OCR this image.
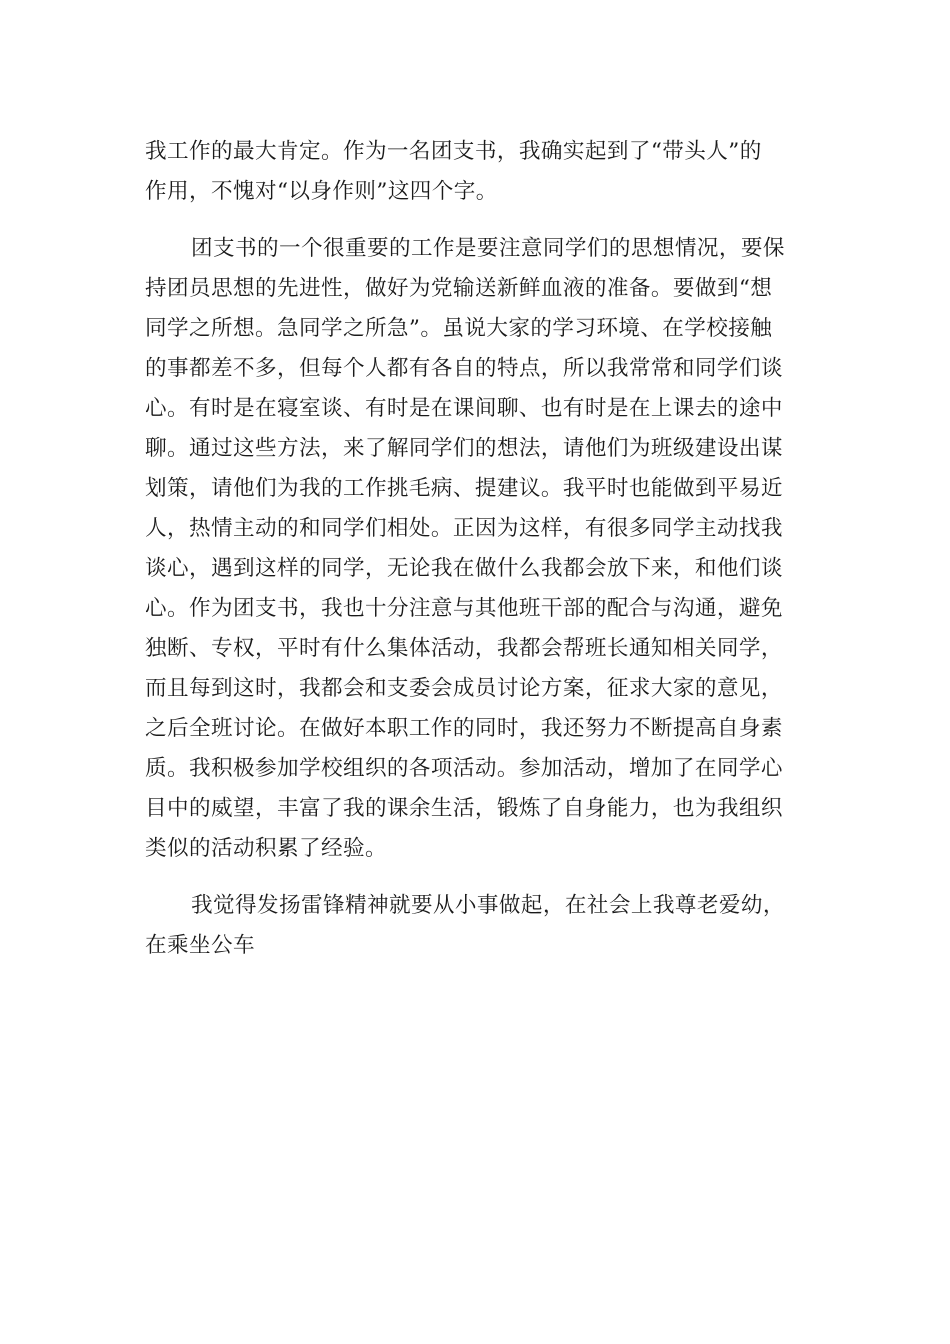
我工作的最大肯定。作为一名团支书，我确实起到了“带头人”的
作用，不愧对“以身作则”这四个字。
团支书的一个很重要的工作是要注意同学们的思想情况，要保
持团员思想的先进性，做好为党输送新鲜血液的准备。要做到“想
同学之所想。急同学之所急”。虽说大家的学习环境、在学校接触
的事都差不多，但每个人都有各自的特点，所以我常常和同学们谈
心。有时是在寝室谈、有时是在课间聊、也有时是在上课去的途中
聊。通过这些方法，来了解同学们的想法，请他们为班级建设出谋
划策，请他们为我的工作挑毛病、提建议。我平时也能做到平易近
人，热情主动的和同学们相处。正因为这样，有很多同学主动找我
谈心，遇到这样的同学，无论我在做什么我都会放下来，和他们谈
心。作为团支书，我也十分注意与其他班干部的配合与沟通，避免
独断、专权，平时有什么集体活动，我都会帮班长通知相关同学，
而且每到这时，我都会和支委会成员讨论方案，征求大家的意见，
之后全班讨论。在做好本职工作的同时，我还努力不断提高自身素
质。我积极参加学校组织的各项活动。参加活动，增加了在同学心
目中的威望，丰富了我的课余生活，锻炼了自身能力，也为我组织
类似的活动积累了经验。
我觉得发扬雷锋精神就要从小事做起，在社会上我尊老爱幼，
在乘坐公车
